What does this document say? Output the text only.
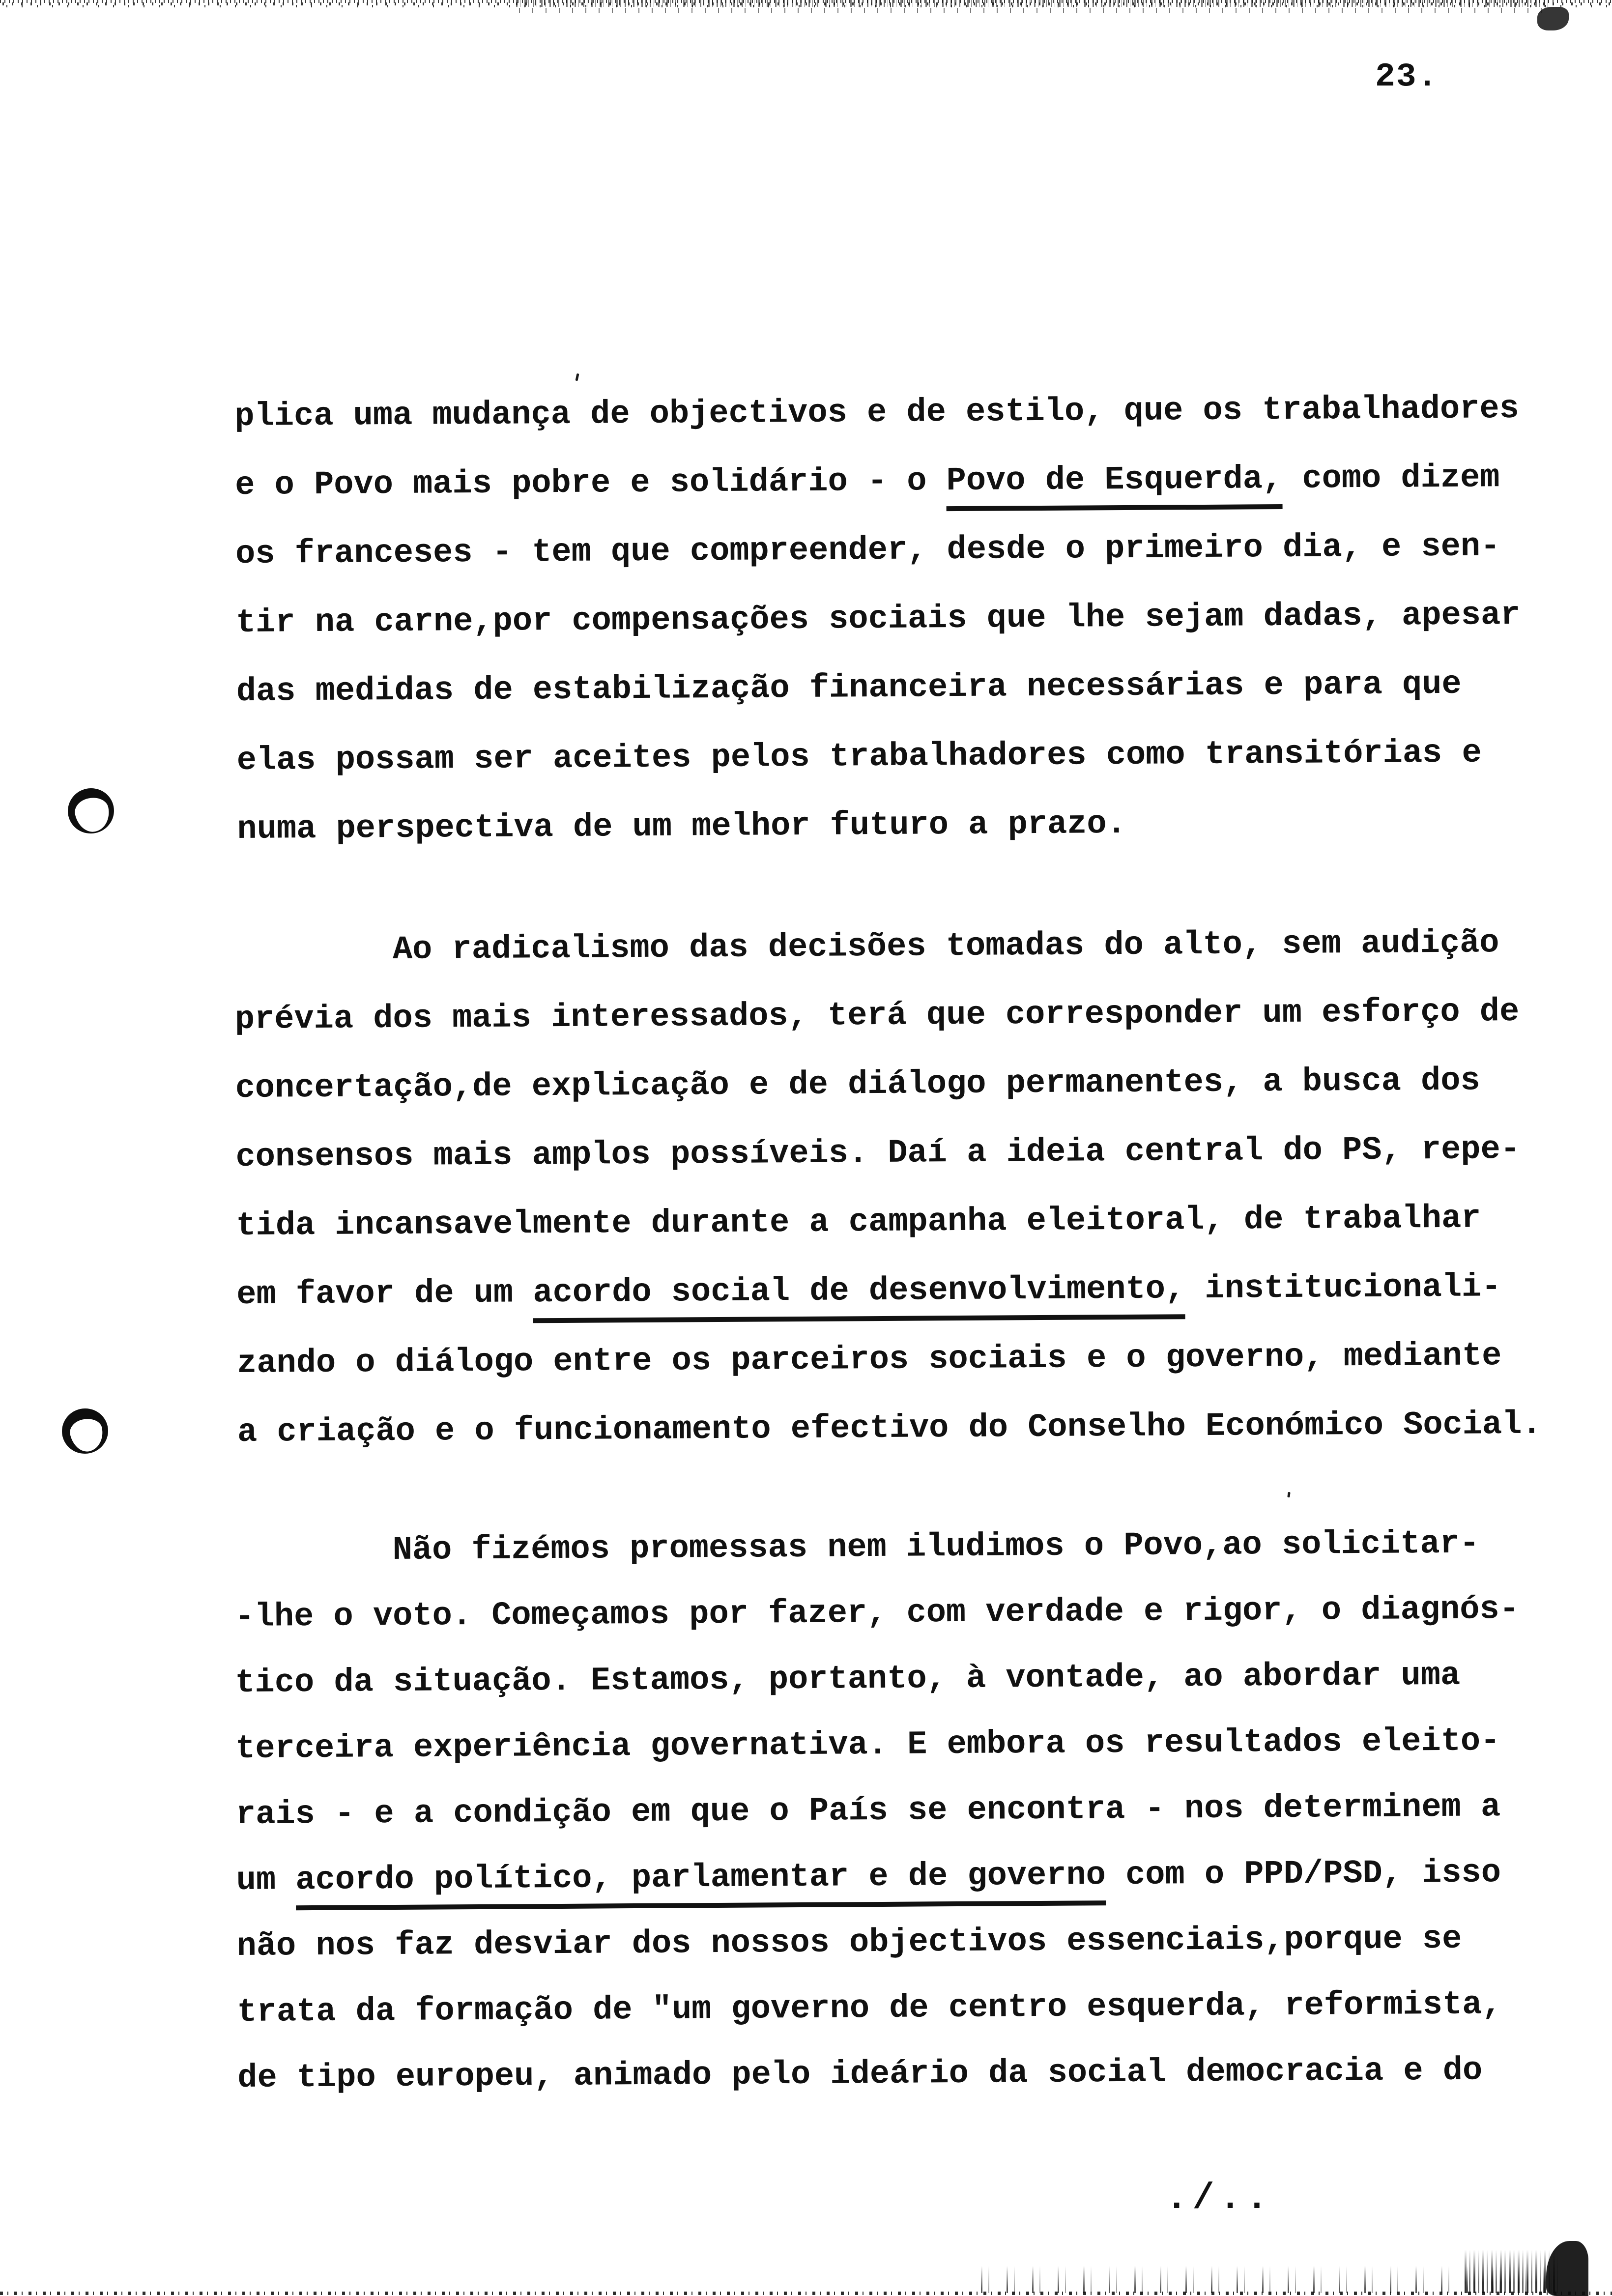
23.
plica uma mudança de objectivos e de estilo, que os trabalhadores
e o Povo mais pobre e solidário - o Povo de Esquerda, como dizem
os franceses - tem que compreender, desde o primeiro dia, e sen-
tir na carne,por compensações sociais que lhe sejam dadas, apesar
das medidas de estabilização financeira necessárias e para que
elas possam ser aceites pelos trabalhadores como transitórias e
numa perspectiva de um melhor futuro a prazo.
Ao radicalismo das decisões tomadas do alto, sem audição
prévia dos mais interessados, terá que corresponder um esforço de
concertação,de explicação e de diálogo permanentes, a busca dos
consensos mais amplos possíveis. Daí a ideia central do PS, repe-
tida incansavelmente durante a campanha eleitoral, de trabalhar
em favor de um acordo social de desenvolvimento, institucionali-
zando o diálogo entre os parceiros sociais e o governo, mediante
a criação e o funcionamento efectivo do Conselho Económico Social.
Não fizémos promessas nem iludimos o Povo,ao solicitar-
-lhe o voto. Começamos por fazer, com verdade e rigor, o diagnós-
tico da situação. Estamos, portanto, à vontade, ao abordar uma
terceira experiência governativa. E embora os resultados eleito-
rais - e a condição em que o País se encontra - nos determinem a
um acordo político, parlamentar e de governo com o PPD/PSD, isso
não nos faz desviar dos nossos objectivos essenciais,porque se
trata da formação de "um governo de centro esquerda, reformista,
de tipo europeu, animado pelo ideário da social democracia e do
./..
